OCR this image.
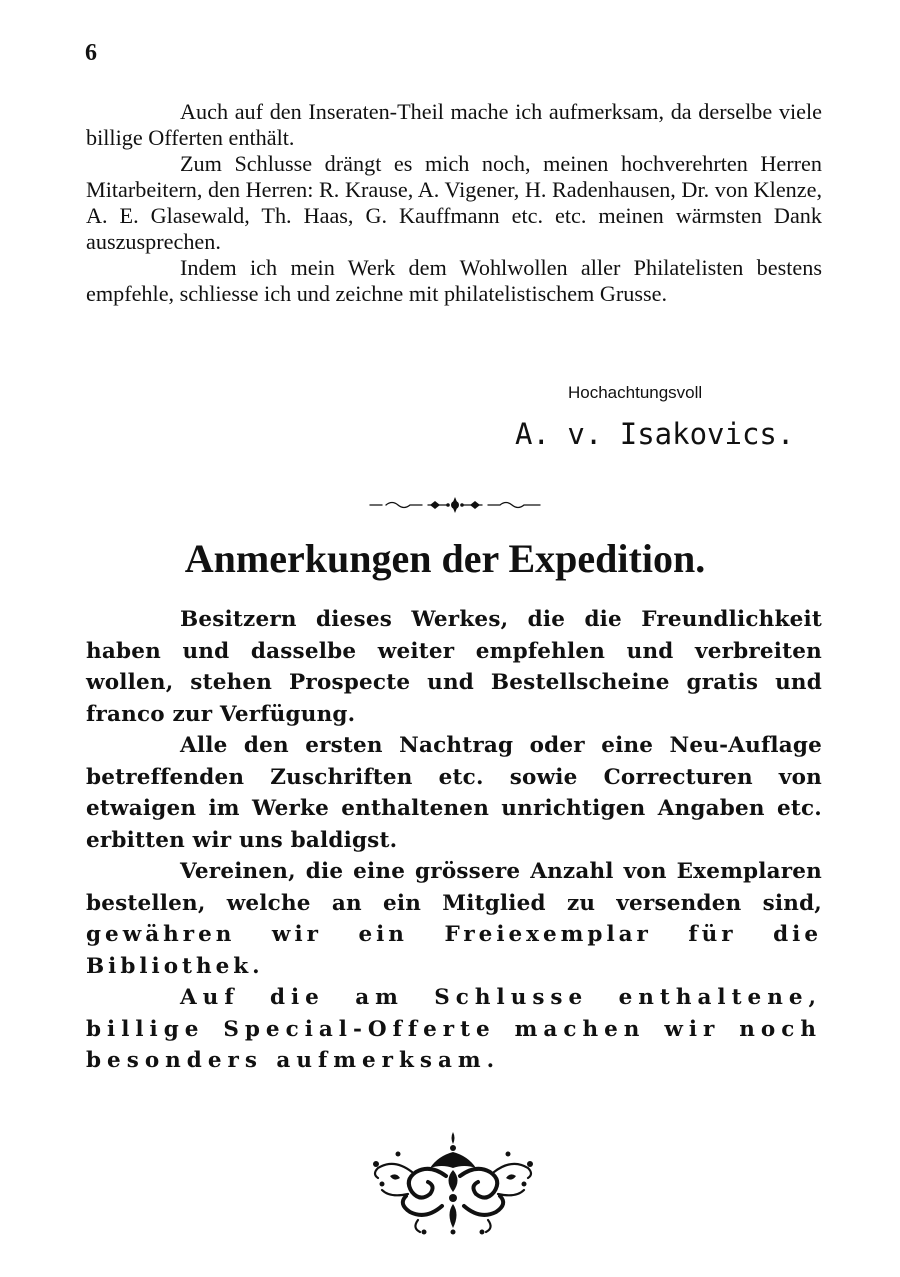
6

Auch auf den Inseraten-Theil mache ich aufmerksam, da derselbe viele billige Offerten enthält.

Zum Schlusse drängt es mich noch, meinen hochverehrten Herren Mitarbeitern, den Herren: R. Krause, A. Vigener, H. Radenhausen, Dr. von Klenze, A. E. Glasewald, Th. Haas, G. Kauffmann etc. etc. meinen wärmsten Dank auszusprechen.

Indem ich mein Werk dem Wohlwollen aller Philatelisten bestens empfehle, schliesse ich und zeichne mit philatelistischem Grusse.

Hochachtungsvoll

A. v. Isakovics.

Anmerkungen der Expedition.

Besitzern dieses Werkes, die die Freundlichkeit haben und dasselbe weiter empfehlen und verbreiten wollen, stehen Prospecte und Bestellscheine gratis und franco zur Verfügung.

Alle den ersten Nachtrag oder eine Neu-Auflage betreffenden Zuschriften etc. sowie Correcturen von etwaigen im Werke enthaltenen unrichtigen Angaben etc. erbitten wir uns baldigst.

Vereinen, die eine grössere Anzahl von Exemplaren bestellen, welche an ein Mitglied zu versenden sind, gewähren wir ein Freiexemplar für die Bibliothek.

Auf die am Schlusse enthaltene, billige Special-Offerte machen wir noch besonders aufmerksam.
